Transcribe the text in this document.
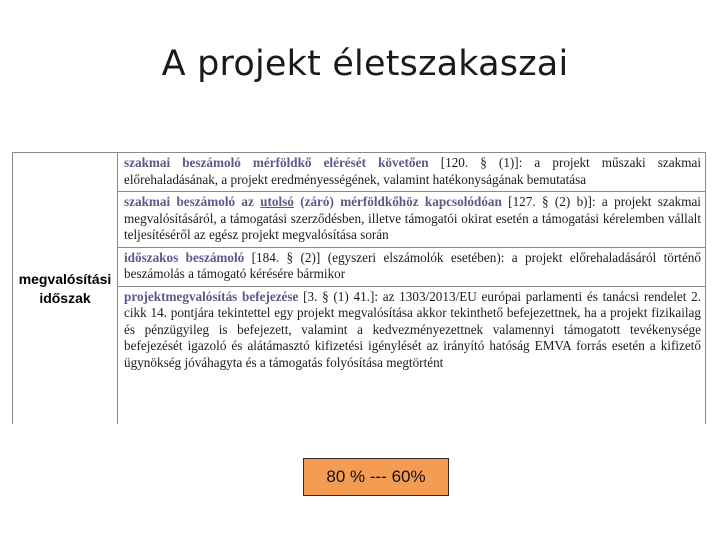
A projekt életszakaszai
megvalósítási
időszak
szakmai beszámoló mérföldkő elérését követően [120. § (1)]: a projekt műszaki szakmai előrehaladásának, a projekt eredményességének, valamint hatékonyságának bemutatása
szakmai beszámoló az utolsó (záró) mérföldkőhöz kapcsolódóan [127. § (2) b)]: a projekt szakmai megvalósításáról, a támogatási szerződésben, illetve támogatói okirat esetén a támogatási kérelemben vállalt teljesítéséről az egész projekt megvalósítása során
időszakos beszámoló [184. § (2)] (egyszeri elszámolók esetében): a projekt előrehaladásáról történő beszámolás a támogató kérésére bármikor
projektmegvalósítás befejezése [3. § (1) 41.]: az 1303/2013/EU európai parlamenti és tanácsi rendelet 2. cikk 14. pontjára tekintettel egy projekt megvalósítása akkor tekinthető befejezettnek, ha a projekt fizikailag és pénzügyileg is befejezett, valamint a kedvezményezettnek valamennyi támogatott tevékenysége befejezését igazoló és alátámasztó kifizetési igénylését az irányító hatóság EMVA forrás esetén a kifizető ügynökség jóváhagyta és a támogatás folyósítása megtörtént
80 % --- 60%
